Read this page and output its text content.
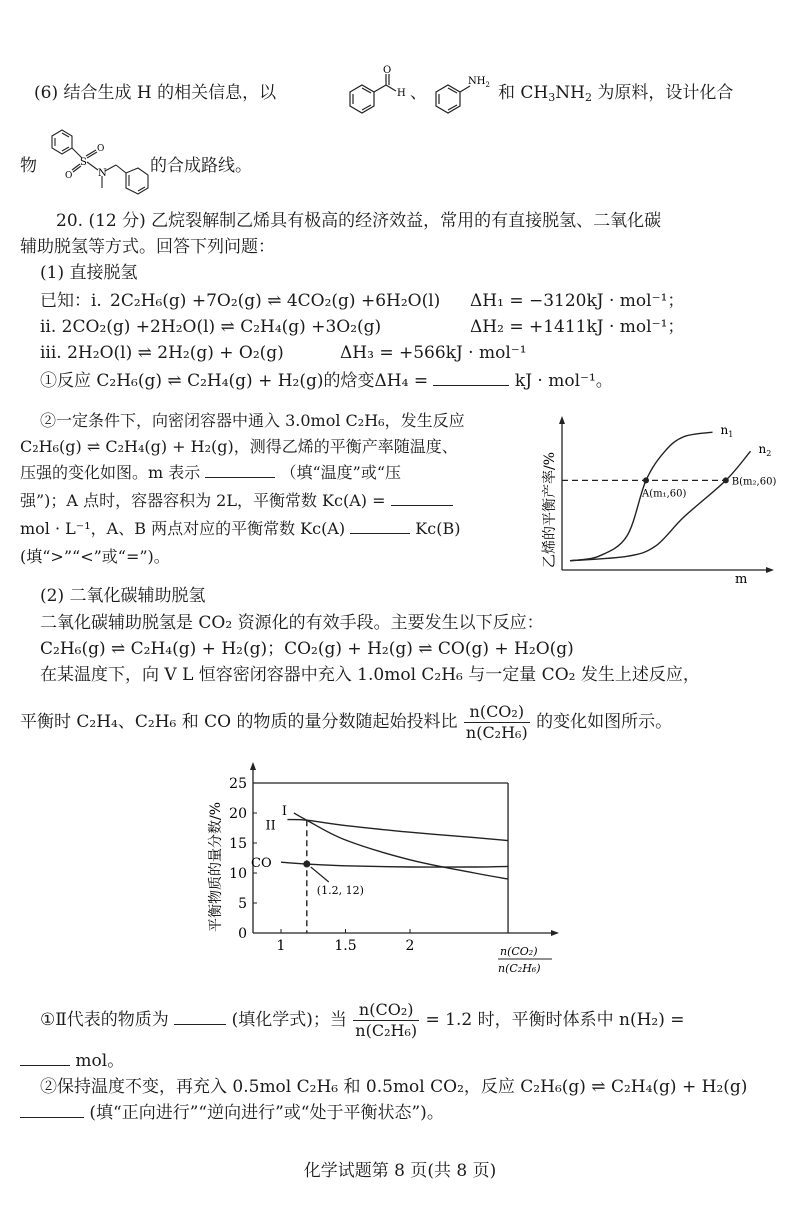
(6) 结合生成 H 的相关信息，以
O
H 、
$NH_2$ 和 $CH_3NH_2$ 为原料，设计化合
物	S
O
O	N	的合成路线。
20. (12 分) 乙烷裂解制乙烯具有极高的经济效益，常用的有直接脱氢、二氧化碳
辅助脱氢等方式。回答下列问题：
(1) 直接脱氢
2C₂H₆(g) +7O₂(g) ⇌ 4CO₂(g) +6H₂O(l)
已知：i.	ΔH₁ = −3120kJ · mol⁻¹；
ii. 2CO₂(g) +2H₂O(l) ⇌ C₂H₄(g) +3O₂(g)	ΔH₂ = +1411kJ · mol⁻¹；
iii. 2H₂O(l) ⇌ 2H₂(g) + O₂(g)	ΔH₃ = +566kJ · mol⁻¹
①反应 C₂H₆(g) ⇌ C₂H₄(g) + H₂(g)的焓变ΔH₄ =	kJ · mol⁻¹。
②一定条件下，向密闭容器中通入 3.0mol C₂H₆，发生反应
C₂H₆(g) ⇌ C₂H₄(g) + H₂(g)，测得乙烯的平衡产率随温度、
压强的变化如图。m 表示	（填“温度”或“压
强”)；A 点时，容器容积为 2L，平衡常数 Kc(A) =
mol · L⁻¹，A、B 两点对应的平衡常数 Kc(A)	Kc(B)
(填“>”“<”或“=”)。	乙烯的平衡产率/%
m
$n_1$
$n_2$
A(m₁,60)
B(m₂,60)
(2) 二氧化碳辅助脱氢
二氧化碳辅助脱氢是 CO₂ 资源化的有效手段。主要发生以下反应：
C₂H₆(g) ⇌ C₂H₄(g) + H₂(g)；CO₂(g) + H₂(g) ⇌ CO(g) + H₂O(g)
在某温度下，向 V L 恒容密闭容器中充入 1.0mol C₂H₆ 与一定量 CO₂ 发生上述反应，
平衡时 C₂H₄、C₂H₆ 和 CO 的物质的量分数随起始投料比 $\frac{\text{n(CO₂)}}{\text{n(C₂H₆)}}$ 的变化如图所示。
平衡物质的量分数/%
0
5
10
15
20
25
1	1.5	2
I
II
CO
(1.2, 12)
n(CO₂)
n(C₂H₆)
①Ⅱ代表的物质为	(填化学式)；当 $\frac{\text{n(CO₂)}}{\text{n(C₂H₆)}} = 1.2$ 时，平衡时体系中 n(H₂) =
mol。
②保持温度不变，再充入 0.5mol C₂H₆ 和 0.5mol CO₂，反应 C₂H₆(g) ⇌ C₂H₄(g) + H₂(g)
(填“正向进行”“逆向进行”或“处于平衡状态”)。
化学试题第 8 页(共 8 页)
